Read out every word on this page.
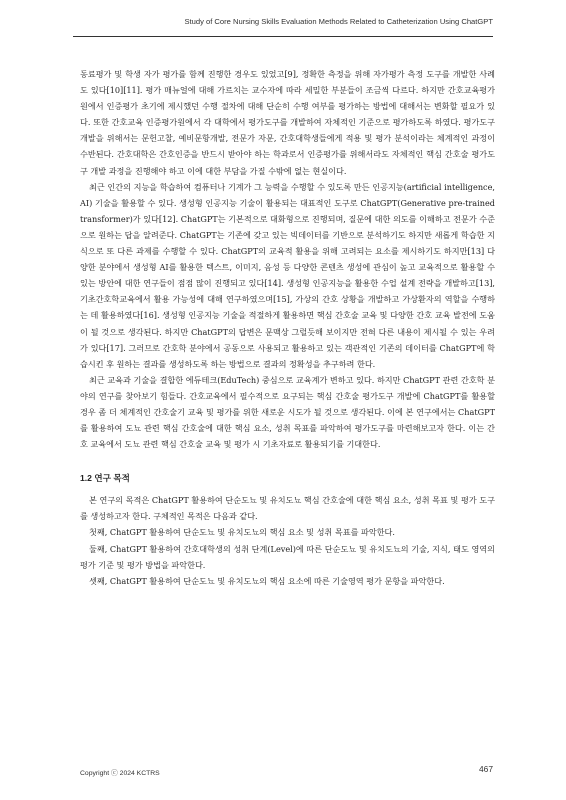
Study of Core Nursing Skills Evaluation Methods Related to Catheterization Using ChatGPT

동료평가 및 학생 자가 평가를 함께 진행한 경우도 있었고[9], 정확한 측정을 위해 자가평가 측정 도구를 개발한 사례도 있다[10][11]. 평가 매뉴얼에 대해 가르치는 교수자에 따라 세밀한 부분들이 조금씩 다르다. 하지만 간호교육평가원에서 인증평가 초기에 제시했던 수행 절차에 대해 단순히 수행 여부를 평가하는 방법에 대해서는 변화할 필요가 있다. 또한 간호교육 인증평가원에서 각 대학에서 평가도구를 개발하여 자체적인 기준으로 평가하도록 하였다. 평가도구 개발을 위해서는 문헌고찰, 예비문항개발, 전문가 자문, 간호대학생들에게 적용 및 평가 분석이라는 체계적인 과정이 수반된다. 간호대학은 간호인증을 반드시 받아야 하는 학과로서 인증평가를 위해서라도 자체적인 핵심 간호술 평가도구 개발 과정을 진행해야 하고 이에 대한 부담을 가질 수밖에 없는 현실이다.

최근 인간의 지능을 학습하여 컴퓨터나 기계가 그 능력을 수행할 수 있도록 만든 인공지능(artificial intelligence, AI) 기술을 활용할 수 있다. 생성형 인공지능 기술이 활용되는 대표적인 도구로 ChatGPT(Generative pre-trained transformer)가 있다[12]. ChatGPT는 기본적으로 대화형으로 진행되며, 질문에 대한 의도를 이해하고 전문가 수준으로 원하는 답을 알려준다. ChatGPT는 기존에 갖고 있는 빅데이터를 기반으로 분석하기도 하지만 새롭게 학습한 지식으로 또 다른 과제를 수행할 수 있다. ChatGPT의 교육적 활용을 위해 고려되는 요소를 제시하기도 하지만[13] 다양한 분야에서 생성형 AI를 활용한 텍스트, 이미지, 음성 등 다양한 콘텐츠 생성에 관심이 높고 교육적으로 활용할 수 있는 방안에 대한 연구들이 점점 많이 진행되고 있다[14]. 생성형 인공지능을 활용한 수업 설계 전략을 개발하고[13], 기초간호학교육에서 활용 가능성에 대해 연구하였으며[15], 가상의 간호 상황을 개발하고 가상환자의 역할을 수행하는 데 활용하였다[16]. 생성형 인공지능 기술을 적절하게 활용하면 핵심 간호술 교육 및 다양한 간호 교육 발전에 도움이 될 것으로 생각된다. 하지만 ChatGPT의 답변은 문맥상 그럴듯해 보이지만 전혀 다른 내용이 제시될 수 있는 우려가 있다[17]. 그러므로 간호학 분야에서 공동으로 사용되고 활용하고 있는 객관적인 기존의 데이터를 ChatGPT에 학습시킨 후 원하는 결과를 생성하도록 하는 방법으로 결과의 정확성을 추구하려 한다.

최근 교육과 기술을 결합한 에듀테크(EduTech) 중심으로 교육계가 변하고 있다. 하지만 ChatGPT 관련 간호학 분야의 연구를 찾아보기 힘들다. 간호교육에서 필수적으로 요구되는 핵심 간호술 평가도구 개발에 ChatGPT를 활용할 경우 좀 더 체계적인 간호술기 교육 및 평가를 위한 새로운 시도가 될 것으로 생각된다. 이에 본 연구에서는 ChatGPT를 활용하여 도뇨 관련 핵심 간호술에 대한 핵심 요소, 성취 목표를 파악하여 평가도구를 마련해보고자 한다. 이는 간호 교육에서 도뇨 관련 핵심 간호술 교육 및 평가 시 기초자료로 활용되기를 기대한다.

1.2 연구 목적

본 연구의 목적은 ChatGPT 활용하여 단순도뇨 및 유치도뇨 핵심 간호술에 대한 핵심 요소, 성취 목표 및 평가 도구를 생성하고자 한다. 구체적인 목적은 다음과 같다.

첫째, ChatGPT 활용하여 단순도뇨 및 유치도뇨의 핵심 요소 및 성취 목표를 파악한다.

둘째, ChatGPT 활용하여 간호대학생의 성취 단계(Level)에 따른 단순도뇨 및 유치도뇨의 기술, 지식, 태도 영역의 평가 기준 및 평가 방법을 파악한다.

셋째, ChatGPT 활용하여 단순도뇨 및 유치도뇨의 핵심 요소에 따른 기술영역 평가 문항을 파악한다.

Copyright ⓒ 2024 KCTRS	467
